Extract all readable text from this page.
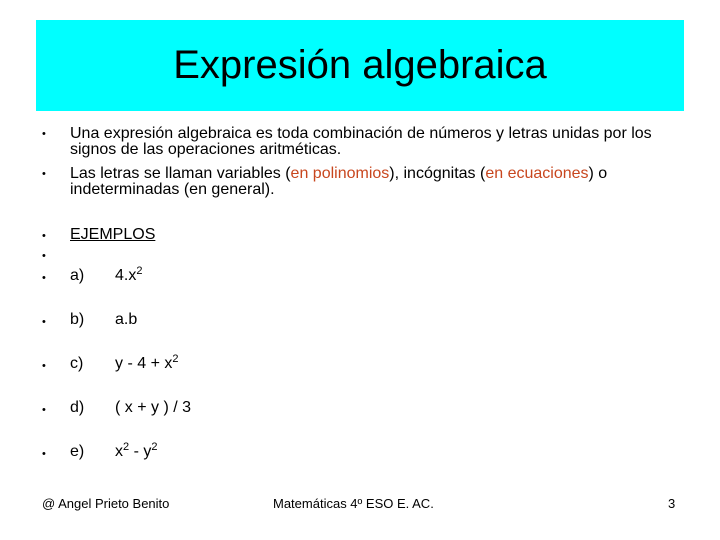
Expresión algebraica
• Una expresión algebraica es toda combinación de números y letras unidas por los signos de las operaciones aritméticas.
• Las letras se llaman variables (en polinomios), incógnitas (en ecuaciones) o indeterminadas (en general).
• EJEMPLOS
•
• a) $4.x^2$
• b) a.b
• c) $y - 4 + x^2$
• d) ( x + y ) / 3
• e) $x^2 - y^2$
@ Angel Prieto Benito	Matemáticas 4º ESO E. AC.	3
